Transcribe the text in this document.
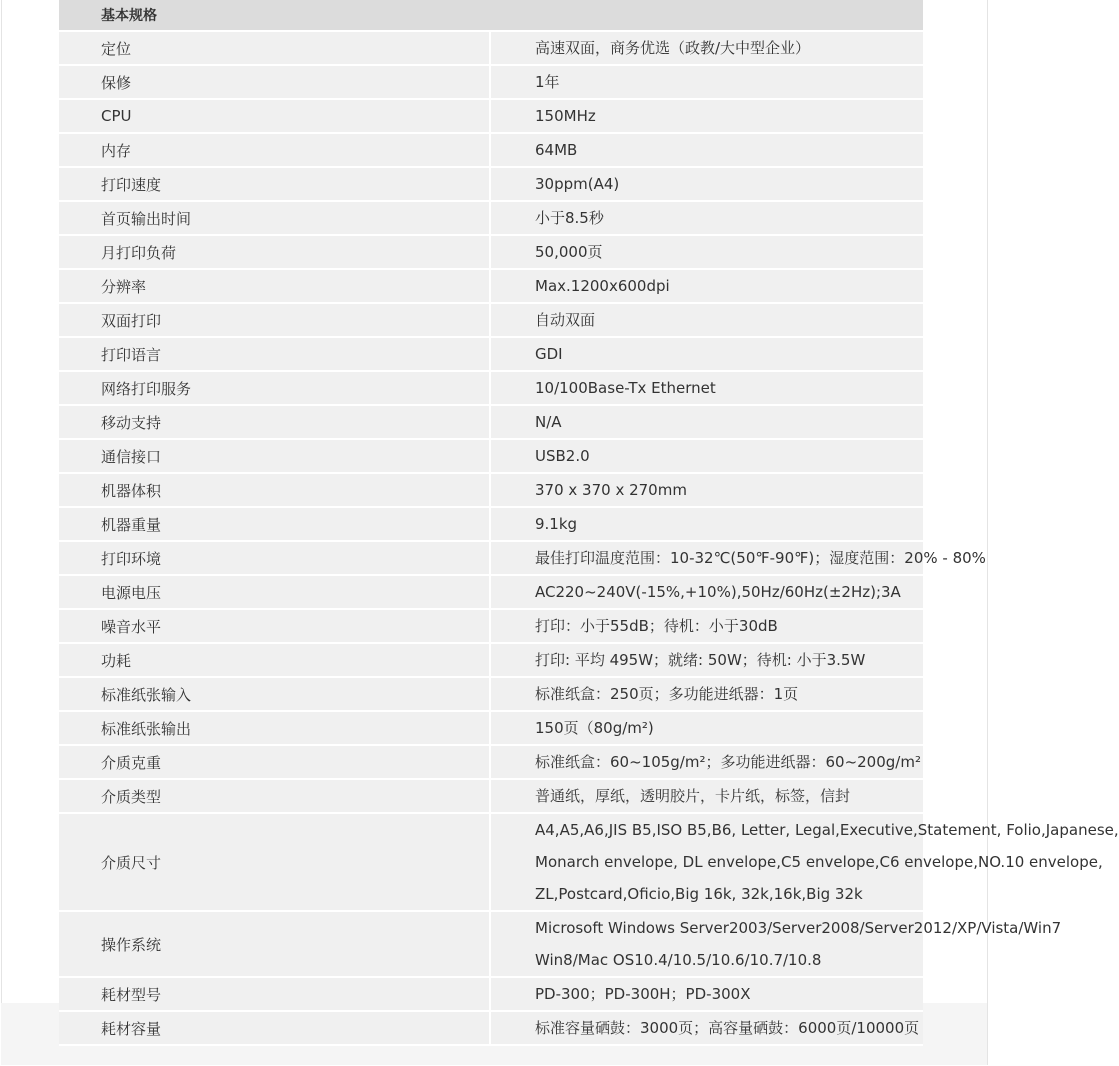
基本规格	
定位	高速双面，商务优选（政教/大中型企业）

保修	1年

CPU	150MHz

内存	64MB

打印速度	30ppm(A4)

首页输出时间	小于8.5秒

月打印负荷	50,000页

分辨率	Max.1200x600dpi

双面打印	自动双面

打印语言	GDI

网络打印服务	10/100Base-Tx Ethernet

移动支持	N/A

通信接口	USB2.0

机器体积	370 x 370 x 270mm

机器重量	9.1kg

打印环境	最佳打印温度范围：10-32℃(50℉-90℉)；湿度范围：20% - 80%

电源电压	AC220~240V(-15%,+10%),50Hz/60Hz(±2Hz);3A

噪音水平	打印：小于55dB；待机：小于30dB

功耗	打印: 平均 495W；就绪: 50W；待机: 小于3.5W

标准纸张输入	标准纸盒：250页；多功能进纸器：1页

标准纸张输出	150页（80g/m²)

介质克重	标准纸盒：60~105g/m²；多功能进纸器：60~200g/m²

介质类型	普通纸，厚纸，透明胶片，卡片纸，标签，信封

介质尺寸	A4,A5,A6,JIS B5,ISO B5,B6, Letter, Legal,Executive,Statement, Folio,Japanese,
Monarch envelope, DL envelope,C5 envelope,C6 envelope,NO.10 envelope,
ZL,Postcard,Oficio,Big 16k, 32k,16k,Big 32k

操作系统	Microsoft Windows Server2003/Server2008/Server2012/XP/Vista/Win7
Win8/Mac OS10.4/10.5/10.6/10.7/10.8

耗材型号	PD-300；PD-300H；PD-300X

耗材容量	标准容量硒鼓：3000页；高容量硒鼓：6000页/10000页
